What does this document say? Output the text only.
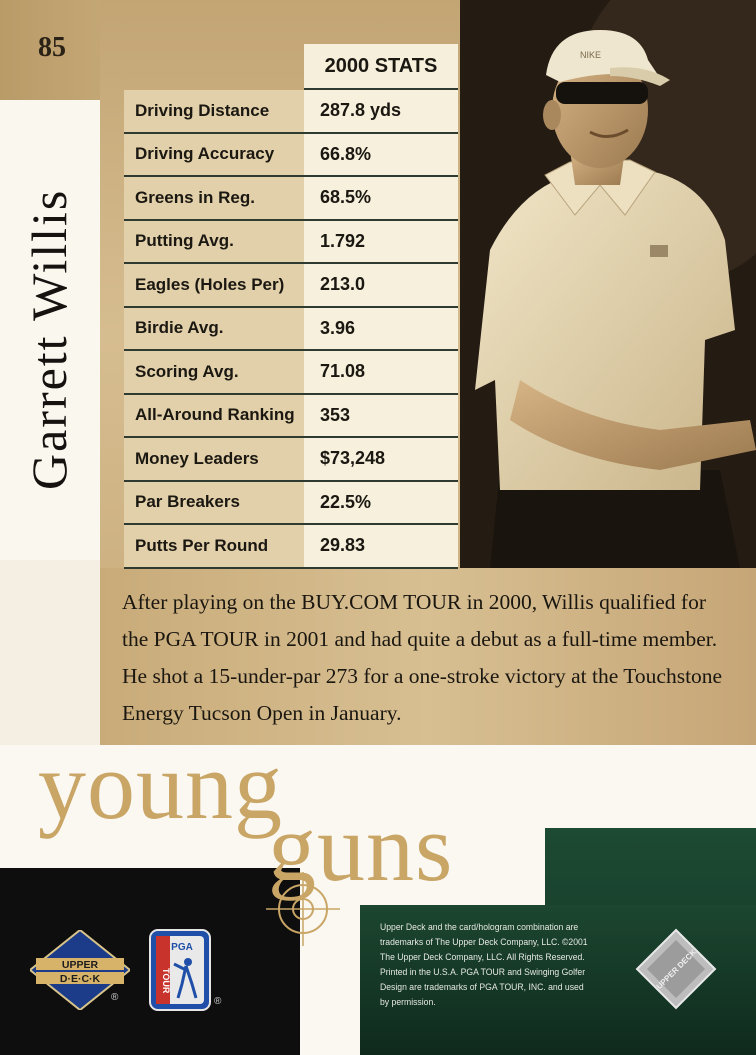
NIKE
85
Garrett Willis
2000 STATS
Driving Distance	287.8 yds
Driving Accuracy	66.8%
Greens in Reg.	68.5%
Putting Avg.	1.792
Eagles (Holes Per)	213.0
Birdie Avg.	3.96
Scoring Avg.	71.08
All-Around Ranking	353
Money Leaders	$73,248
Par Breakers	22.5%
Putts Per Round	29.83
After playing on the BUY.COM TOUR in 2000, Willis qualified for the PGA TOUR in 2001 and had quite a debut as a full-time member. He shot a 15-under-par 273 for a one-stroke victory at the Touchstone Energy Tucson Open in January.
young
guns
UPPER
D·E·C·K
®
PGA
TOUR
®
Upper Deck and the card/hologram combination are trademarks of The Upper Deck Company, LLC. ©2001 The Upper Deck Company, LLC. All Rights Reserved. Printed in the U.S.A. PGA TOUR and Swinging Golfer Design are trademarks of PGA TOUR, INC. and used by permission.
UPPER DECK
